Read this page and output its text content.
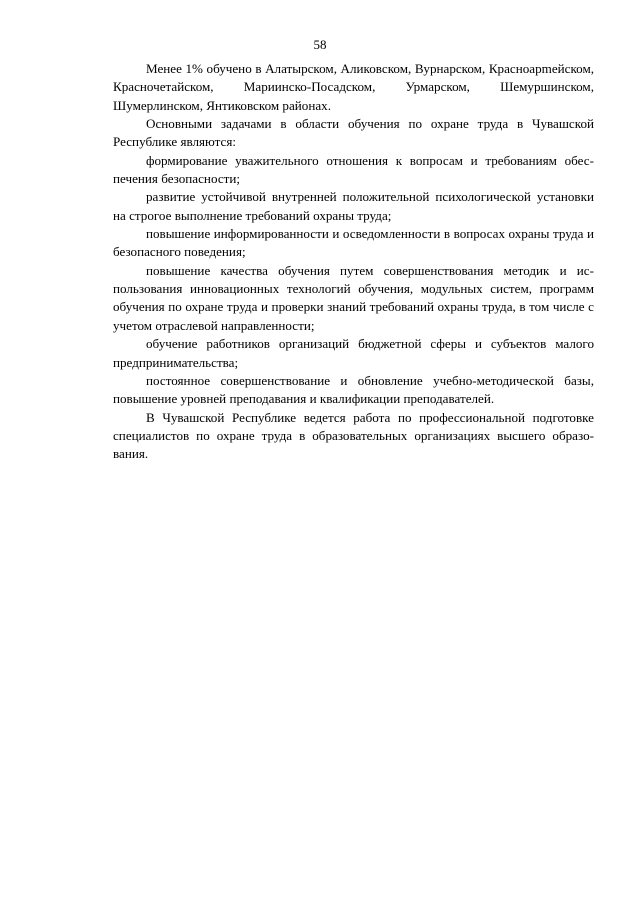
58

Менее 1% обучено в Алатырском, Аликовском, Вурнарском, Красноарmейском, Красночетайском, Мариинско-Посадском, Урмарском, Шемуршинском, Шумерлинском, Янтиковском районах.

Основными задачами в области обучения по охране труда в Чувашской Республике являются:

формирование уважительного отношения к вопросам и требованиям обеспечения безопасности;

развитие устойчивой внутренней положительной психологической установки на строгое выполнение требований охраны труда;

повышение информированности и осведомленности в вопросах охраны труда и безопасного поведения;

повышение качества обучения путем совершенствования методик и использования инновационных технологий обучения, модульных систем, программ обучения по охране труда и проверки знаний требований охраны труда, в том числе с учетом отраслевой направленности;

обучение работников организаций бюджетной сферы и субъектов малого предпринимательства;

постоянное совершенствование и обновление учебно-методической базы, повышение уровней преподавания и квалификации преподавателей.

В Чувашской Республике ведется работа по профессиональной подготовке специалистов по охране труда в образовательных организациях высшего образования.
